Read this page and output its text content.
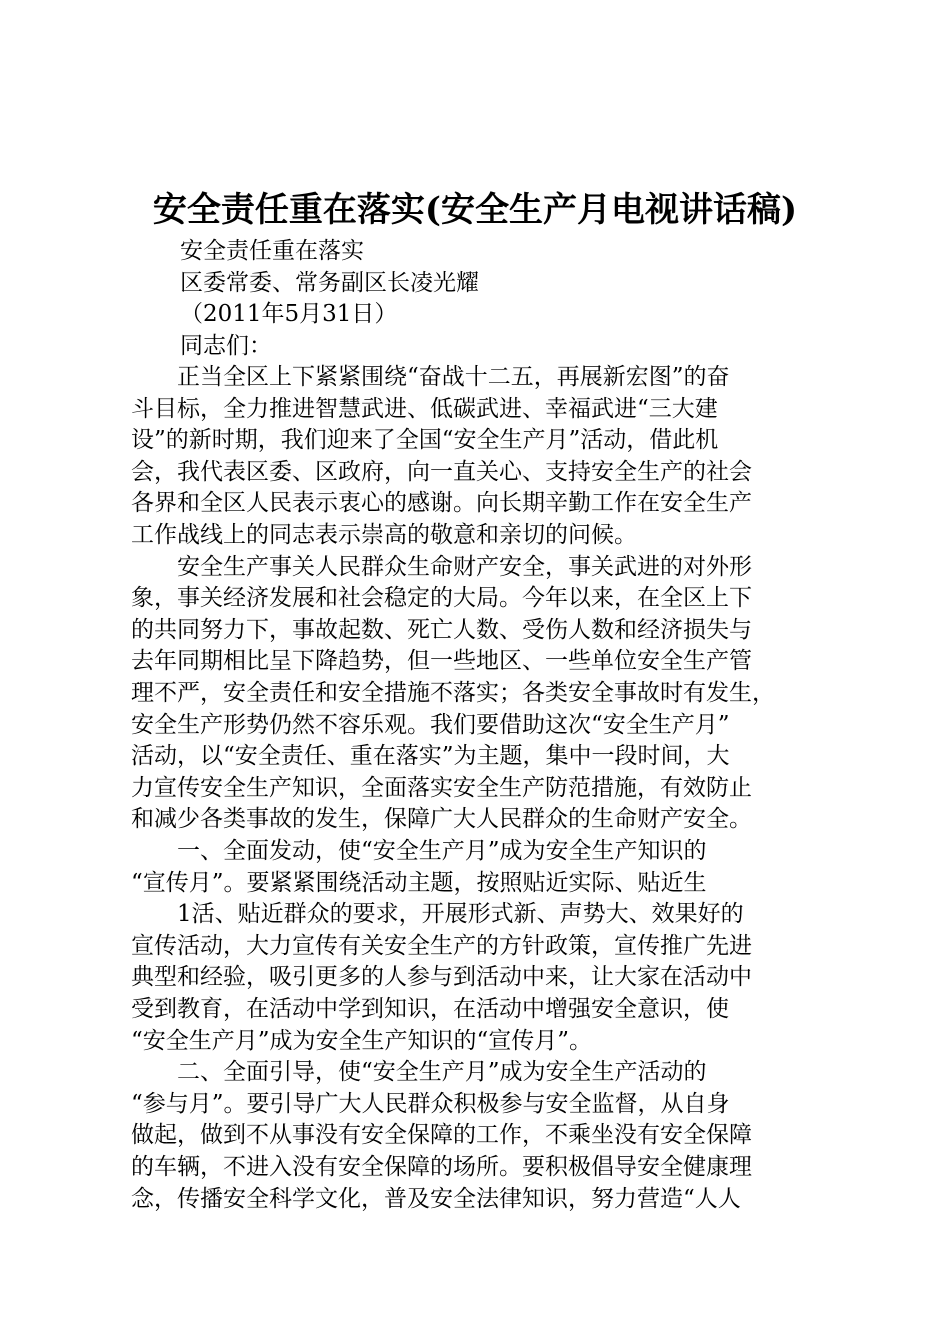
安全责任重在落实(安全生产月电视讲话稿)
安全责任重在落实
区委常委、常务副区长凌光耀
（2011年5月31日）
同志们：
　　正当全区上下紧紧围绕“奋战十二五，再展新宏图”的奋
斗目标，全力推进智慧武进、低碳武进、幸福武进“三大建
设”的新时期，我们迎来了全国“安全生产月”活动，借此机
会，我代表区委、区政府，向一直关心、支持安全生产的社会
各界和全区人民表示衷心的感谢。向长期辛勤工作在安全生产
工作战线上的同志表示崇高的敬意和亲切的问候。
　　安全生产事关人民群众生命财产安全，事关武进的对外形
象，事关经济发展和社会稳定的大局。今年以来，在全区上下
的共同努力下，事故起数、死亡人数、受伤人数和经济损失与
去年同期相比呈下降趋势，但一些地区、一些单位安全生产管
理不严，安全责任和安全措施不落实；各类安全事故时有发生，
安全生产形势仍然不容乐观。我们要借助这次“安全生产月”
活动，以“安全责任、重在落实”为主题，集中一段时间，大
力宣传安全生产知识，全面落实安全生产防范措施，有效防止
和减少各类事故的发生，保障广大人民群众的生命财产安全。
　　一、全面发动，使“安全生产月”成为安全生产知识的
“宣传月”。要紧紧围绕活动主题，按照贴近实际、贴近生
　　1活、贴近群众的要求，开展形式新、声势大、效果好的
宣传活动，大力宣传有关安全生产的方针政策，宣传推广先进
典型和经验，吸引更多的人参与到活动中来，让大家在活动中
受到教育，在活动中学到知识，在活动中增强安全意识，使
“安全生产月”成为安全生产知识的“宣传月”。
　　二、全面引导，使“安全生产月”成为安全生产活动的
“参与月”。要引导广大人民群众积极参与安全监督，从自身
做起，做到不从事没有安全保障的工作，不乘坐没有安全保障
的车辆，不进入没有安全保障的场所。要积极倡导安全健康理
念，传播安全科学文化，普及安全法律知识，努力营造“人人
